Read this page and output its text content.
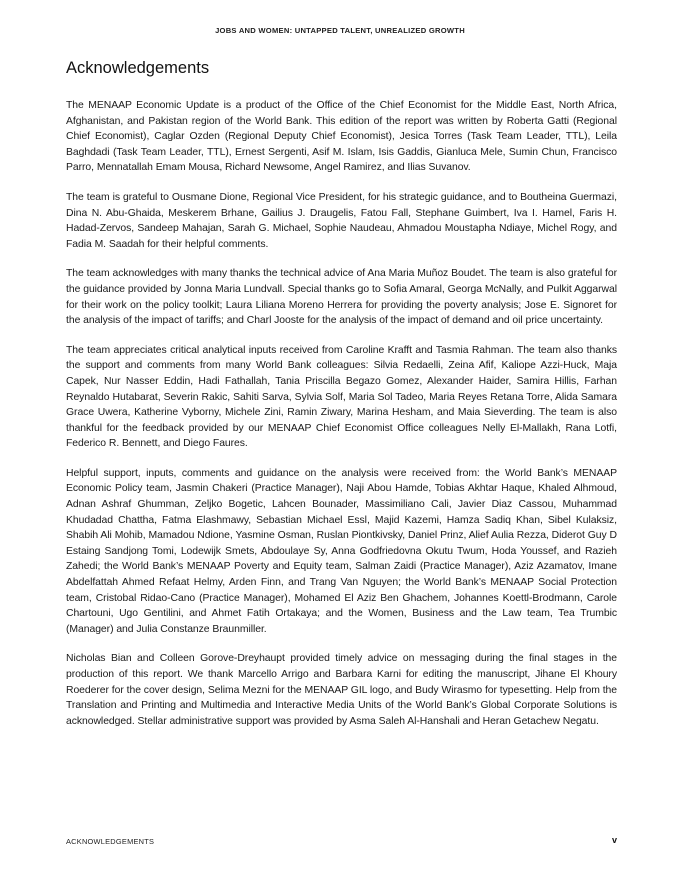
JOBS AND WOMEN: UNTAPPED TALENT, UNREALIZED GROWTH
Acknowledgements

The MENAAP Economic Update is a product of the Office of the Chief Economist for the Middle East, North Africa, Afghanistan, and Pakistan region of the World Bank. This edition of the report was written by Roberta Gatti (Regional Chief Economist), Caglar Ozden (Regional Deputy Chief Economist), Jesica Torres (Task Team Leader, TTL), Leila Baghdadi (Task Team Leader, TTL), Ernest Sergenti, Asif M. Islam, Isis Gaddis, Gianluca Mele, Sumin Chun, Francisco Parro, Mennatallah Emam Mousa, Richard Newsome, Angel Ramirez, and Ilias Suvanov.

The team is grateful to Ousmane Dione, Regional Vice President, for his strategic guidance, and to Boutheina Guermazi, Dina N. Abu-Ghaida, Meskerem Brhane, Gailius J. Draugelis, Fatou Fall, Stephane Guimbert, Iva I. Hamel, Faris H. Hadad-Zervos, Sandeep Mahajan, Sarah G. Michael, Sophie Naudeau, Ahmadou Moustapha Ndiaye, Michel Rogy, and Fadia M. Saadah for their helpful comments.

The team acknowledges with many thanks the technical advice of Ana Maria Muñoz Boudet. The team is also grateful for the guidance provided by Jonna Maria Lundvall. Special thanks go to Sofia Amaral, Georga McNally, and Pulkit Aggarwal for their work on the policy toolkit; Laura Liliana Moreno Herrera for providing the poverty analysis; Jose E. Signoret for the analysis of the impact of tariffs; and Charl Jooste for the analysis of the impact of demand and oil price uncertainty.

The team appreciates critical analytical inputs received from Caroline Krafft and Tasmia Rahman. The team also thanks the support and comments from many World Bank colleagues: Silvia Redaelli, Zeina Afif, Kaliope Azzi-Huck, Maja Capek, Nur Nasser Eddin, Hadi Fathallah, Tania Priscilla Begazo Gomez, Alexander Haider, Samira Hillis, Farhan Reynaldo Hutabarat, Severin Rakic, Sahiti Sarva, Sylvia Solf, Maria Sol Tadeo, Maria Reyes Retana Torre, Alida Samara Grace Uwera, Katherine Vyborny, Michele Zini, Ramin Ziwary, Marina Hesham, and Maia Sieverding. The team is also thankful for the feedback provided by our MENAAP Chief Economist Office colleagues Nelly El-Mallakh, Rana Lotfi, Federico R. Bennett, and Diego Faures.

Helpful support, inputs, comments and guidance on the analysis were received from: the World Bank’s MENAAP Economic Policy team, Jasmin Chakeri (Practice Manager), Naji Abou Hamde, Tobias Akhtar Haque, Khaled Alhmoud, Adnan Ashraf Ghumman, Zeljko Bogetic, Lahcen Bounader, Massimiliano Cali, Javier Diaz Cassou, Muhammad Khudadad Chattha, Fatma Elashmawy, Sebastian Michael Essl, Majid Kazemi, Hamza Sadiq Khan, Sibel Kulaksiz, Shabih Ali Mohib, Mamadou Ndione, Yasmine Osman, Ruslan Piontkivsky, Daniel Prinz, Alief Aulia Rezza, Diderot Guy D Estaing Sandjong Tomi, Lodewijk Smets, Abdoulaye Sy, Anna Godfriedovna Okutu Twum, Hoda Youssef, and Razieh Zahedi; the World Bank’s MENAAP Poverty and Equity team, Salman Zaidi (Practice Manager), Aziz Azamatov, Imane Abdelfattah Ahmed Refaat Helmy, Arden Finn, and Trang Van Nguyen; the World Bank’s MENAAP Social Protection team, Cristobal Ridao-Cano (Practice Manager), Mohamed El Aziz Ben Ghachem, Johannes Koettl-Brodmann, Carole Chartouni, Ugo Gentilini, and Ahmet Fatih Ortakaya; and the Women, Business and the Law team, Tea Trumbic (Manager) and Julia Constanze Braunmiller.

Nicholas Bian and Colleen Gorove-Dreyhaupt provided timely advice on messaging during the final stages in the production of this report. We thank Marcello Arrigo and Barbara Karni for editing the manuscript, Jihane El Khoury Roederer for the cover design, Selima Mezni for the MENAAP GIL logo, and Budy Wirasmo for typesetting. Help from the Translation and Printing and Multimedia and Interactive Media Units of the World Bank’s Global Corporate Solutions is acknowledged. Stellar administrative support was provided by Asma Saleh Al-Hanshali and Heran Getachew Negatu.

ACKNOWLEDGEMENTS	v
